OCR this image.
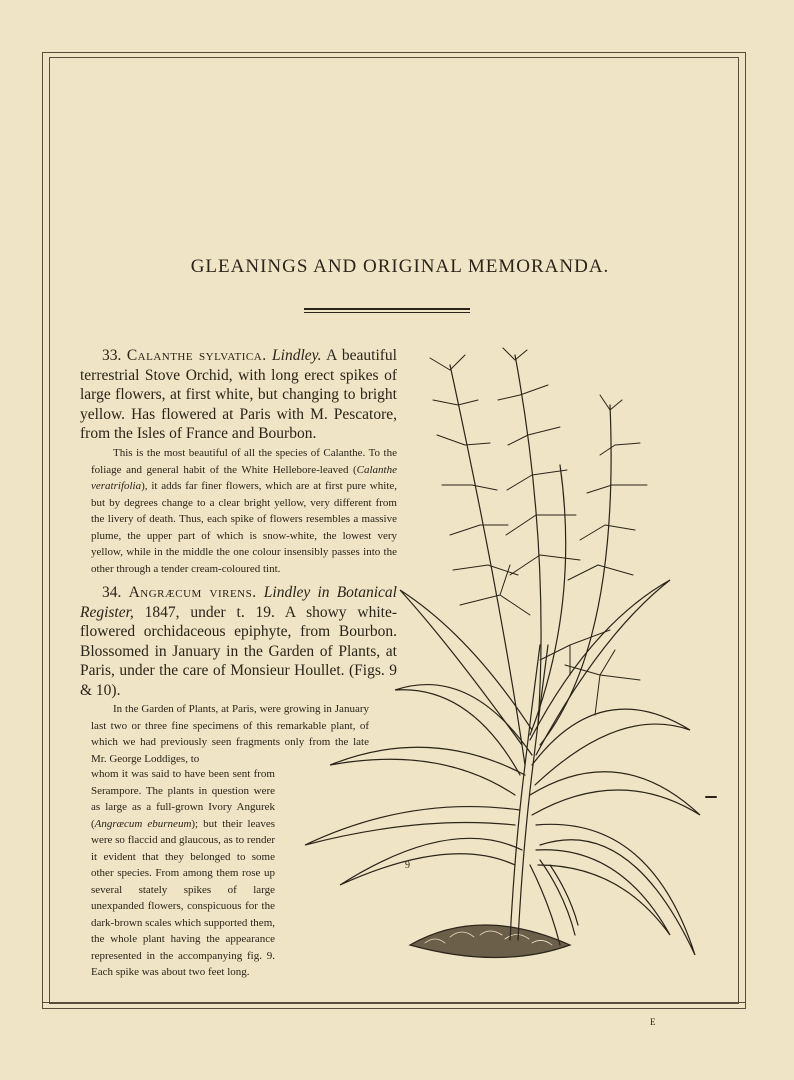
GLEANINGS AND ORIGINAL MEMORANDA.
33. Calanthe sylvatica. Lindley. A beautiful terrestrial Stove Orchid, with long erect spikes of large flowers, at first white, but changing to bright yellow. Has flowered at Paris with M. Pescatore, from the Isles of France and Bourbon.
This is the most beautiful of all the species of Calanthe. To the foliage and general habit of the White Hellebore-leaved (Calanthe veratrifolia), it adds far finer flowers, which are at first pure white, but by degrees change to a clear bright yellow, very different from the livery of death. Thus, each spike of flowers resembles a massive plume, the upper part of which is snow-white, the lowest very yellow, while in the middle the one colour insensibly passes into the other through a tender cream-coloured tint.
34. Angræcum virens. Lindley in Botanical Register, 1847, under t. 19. A showy white-flowered orchidaceous epiphyte, from Bourbon. Blossomed in January in the Garden of Plants, at Paris, under the care of Monsieur Houllet. (Figs. 9 & 10).
In the Garden of Plants, at Paris, were growing in January last two or three fine specimens of this remarkable plant, of which we had previously seen fragments only from the late Mr. George Loddiges, to
whom it was said to have been sent from Serampore. The plants in question were as large as a full-grown Ivory Angurek (Angræcum eburneum); but their leaves were so flaccid and glaucous, as to render it evident that they belonged to some other species. From among them rose up several stately spikes of large unexpanded flowers, conspicuous for the dark-brown scales which supported them, the whole plant having the appearance represented in the accompanying fig. 9. Each spike was about two feet long.
9
E
